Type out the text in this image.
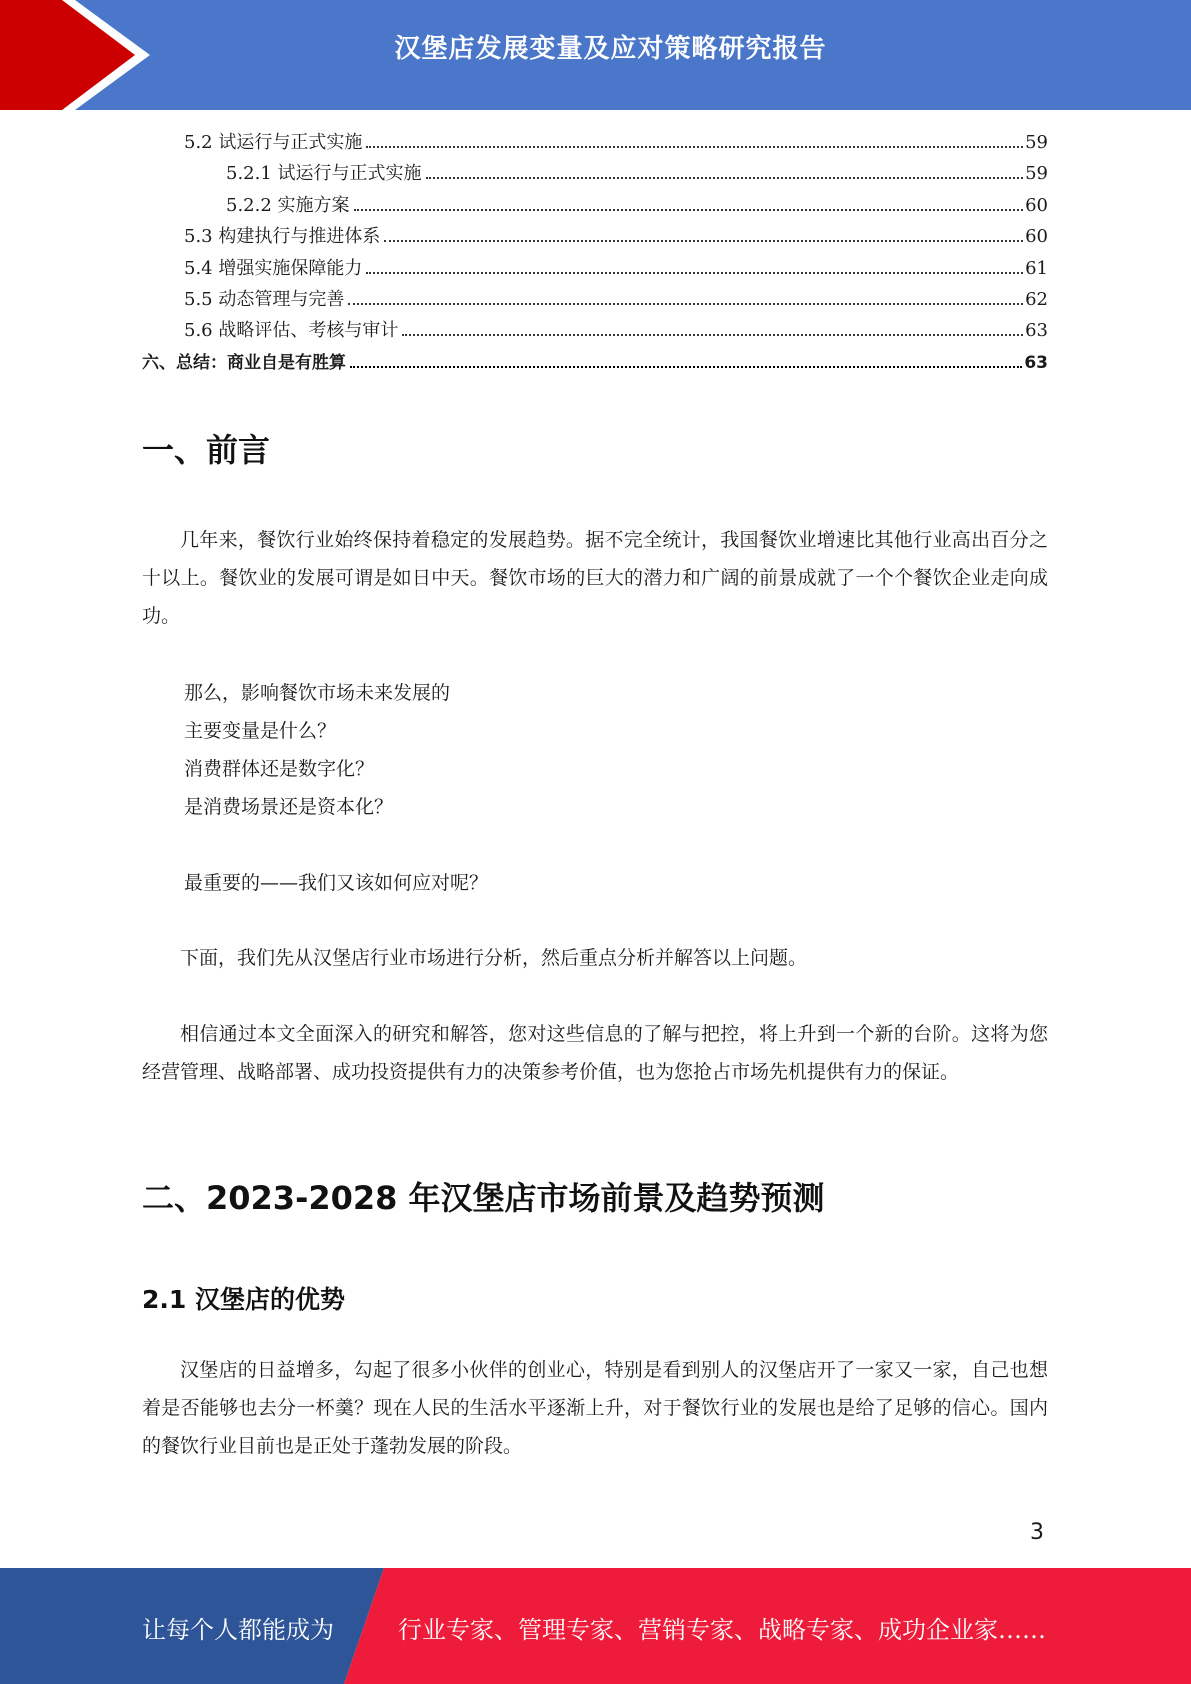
汉堡店发展变量及应对策略研究报告
5.2 试运行与正式实施	59
5.2.1 试运行与正式实施	59
5.2.2 实施方案	60
5.3 构建执行与推进体系	60
5.4 增强实施保障能力	61
5.5 动态管理与完善	62
5.6 战略评估、考核与审计	63
六、总结：商业自是有胜算	63
一、前言
几年来，餐饮行业始终保持着稳定的发展趋势。据不完全统计，我国餐饮业增速比其他行业高出百分之十以上。餐饮业的发展可谓是如日中天。餐饮市场的巨大的潜力和广阔的前景成就了一个个餐饮企业走向成功。
那么，影响餐饮市场未来发展的
主要变量是什么？
消费群体还是数字化？
是消费场景还是资本化？
最重要的——我们又该如何应对呢？
下面，我们先从汉堡店行业市场进行分析，然后重点分析并解答以上问题。
相信通过本文全面深入的研究和解答，您对这些信息的了解与把控，将上升到一个新的台阶。这将为您经营管理、战略部署、成功投资提供有力的决策参考价值，也为您抢占市场先机提供有力的保证。
二、2023-2028 年汉堡店市场前景及趋势预测
2.1 汉堡店的优势
汉堡店的日益增多，勾起了很多小伙伴的创业心，特别是看到别人的汉堡店开了一家又一家，自己也想着是否能够也去分一杯羹？现在人民的生活水平逐渐上升，对于餐饮行业的发展也是给了足够的信心。国内的餐饮行业目前也是正处于蓬勃发展的阶段。
3
让每个人都能成为	行业专家、管理专家、营销专家、战略专家、成功企业家……
